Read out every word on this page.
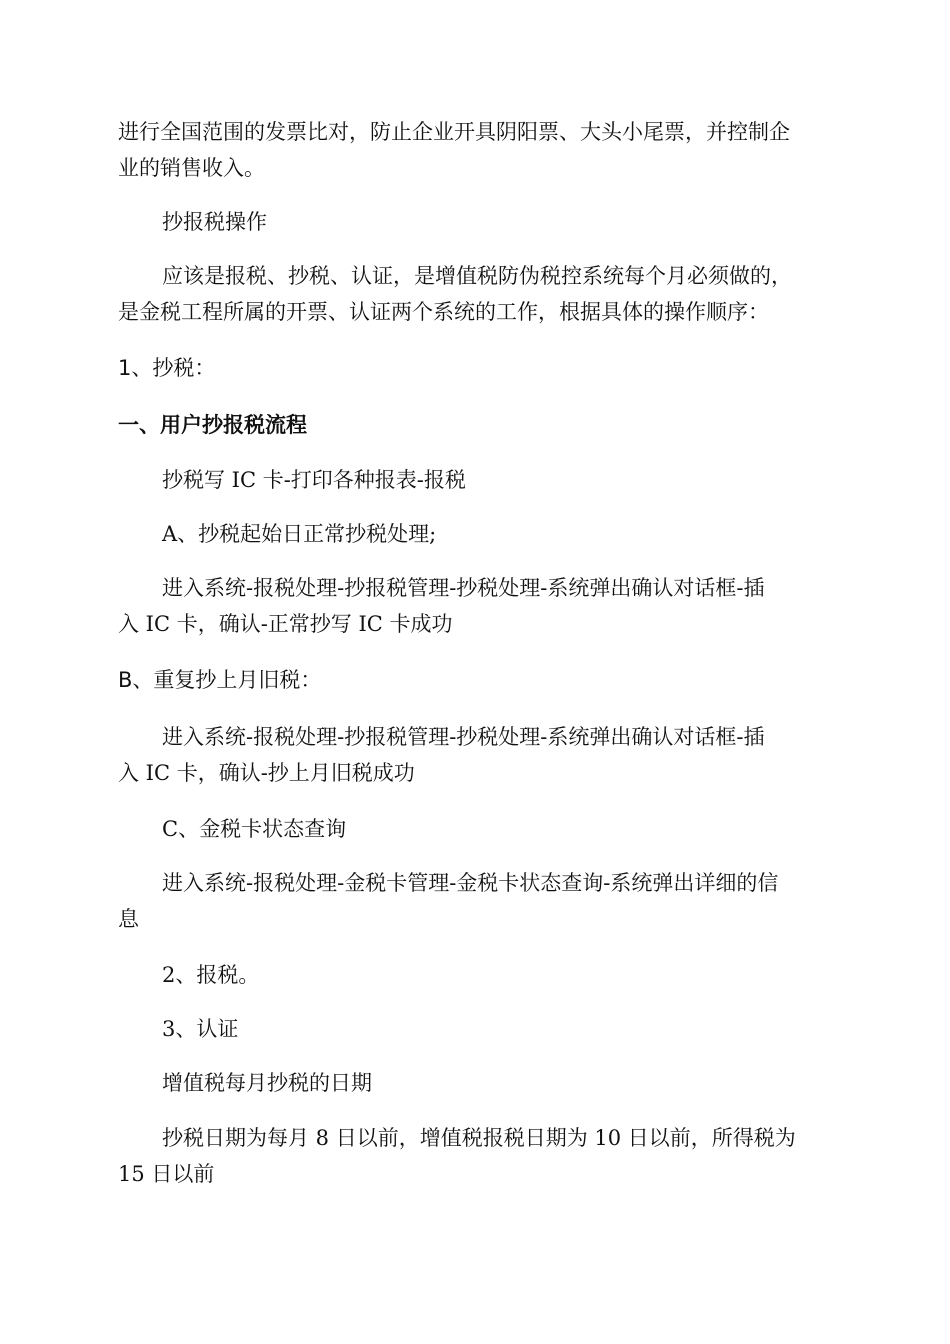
进行全国范围的发票比对，防止企业开具阴阳票、大头小尾票，并控制企

业的销售收入。

抄报税操作

应该是报税、抄税、认证，是增值税防伪税控系统每个月必须做的，

是金税工程所属的开票、认证两个系统的工作，根据具体的操作顺序：

1、抄税：

一、用户抄报税流程

抄税写 IC 卡-打印各种报表-报税

A、抄税起始日正常抄税处理;

进入系统-报税处理-抄报税管理-抄税处理-系统弹出确认对话框-插

入 IC 卡，确认-正常抄写 IC 卡成功

B、重复抄上月旧税：

进入系统-报税处理-抄报税管理-抄税处理-系统弹出确认对话框-插

入 IC 卡，确认-抄上月旧税成功

C、金税卡状态查询

进入系统-报税处理-金税卡管理-金税卡状态查询-系统弹出详细的信

息

2、报税。

3、认证

增值税每月抄税的日期

抄税日期为每月 8 日以前，增值税报税日期为 10 日以前，所得税为

15 日以前
